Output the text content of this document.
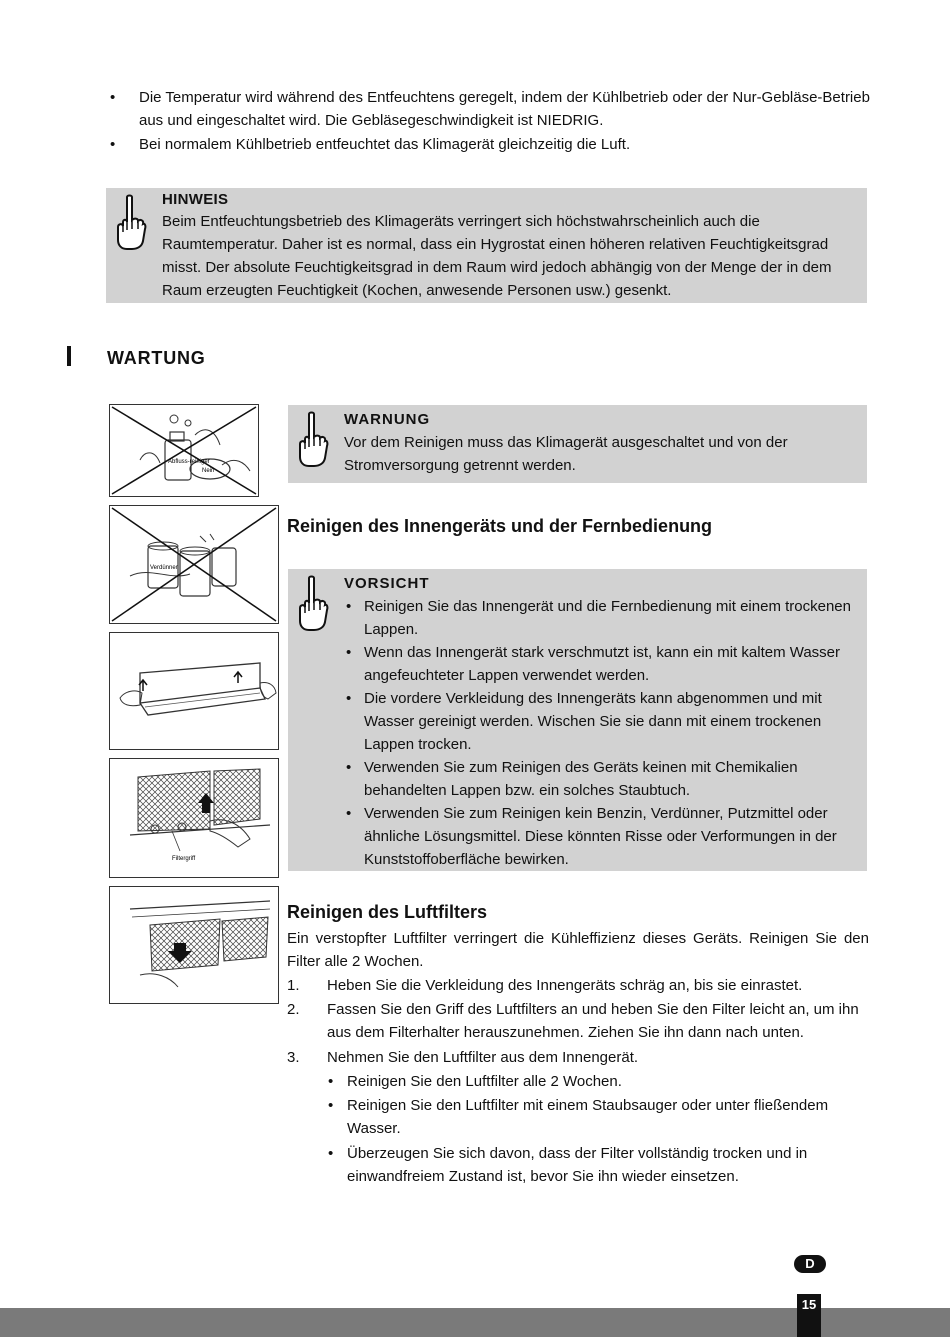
• Die Temperatur wird während des Entfeuchtens geregelt, indem der Kühlbetrieb oder der Nur-Gebläse-Betrieb aus und eingeschaltet wird. Die Gebläsegeschwindigkeit ist NIEDRIG.
• Bei normalem Kühlbetrieb entfeuchtet das Klimagerät gleichzeitig die Luft.
HINWEIS
Beim Entfeuchtungsbetrieb des Klimageräts verringert sich höchstwahrscheinlich auch die Raumtemperatur. Daher ist es normal, dass ein Hygrostat einen höheren relativen Feuchtigkeitsgrad misst. Der absolute Feuchtigkeitsgrad in dem Raum wird jedoch abhängig von der Menge der in dem Raum erzeugten Feuchtigkeit (Kochen, anwesende Personen usw.) gesenkt.
WARTUNG
Abfluss-reiniger
Nein
Verdünner
Filtergriff
WARNUNG
Vor dem Reinigen muss das Klimagerät ausgeschaltet und von der Stromversorgung getrennt werden.
Reinigen des Innengeräts und der Fernbedienung
VORSICHT
• Reinigen Sie das Innengerät und die Fernbedienung mit einem trockenen Lappen.
• Wenn das Innengerät stark verschmutzt ist, kann ein mit kaltem Wasser angefeuchteter Lappen verwendet werden.
• Die vordere Verkleidung des Innengeräts kann abgenommen und mit Wasser gereinigt werden. Wischen Sie sie dann mit einem trockenen Lappen trocken.
• Verwenden Sie zum Reinigen des Geräts keinen mit Chemikalien behandelten Lappen bzw. ein solches Staubtuch.
• Verwenden Sie zum Reinigen kein Benzin, Verdünner, Putzmittel oder ähnliche Lösungsmittel. Diese könnten Risse oder Verformungen in der Kunststoffoberfläche bewirken.
Reinigen des Luftfilters
Ein verstopfter Luftfilter verringert die Kühleffizienz dieses Geräts. Reinigen Sie den Filter alle 2 Wochen.
1. Heben Sie die Verkleidung des Innengeräts schräg an, bis sie einrastet.
2. Fassen Sie den Griff des Luftfilters an und heben Sie den Filter leicht an, um ihn aus dem Filterhalter herauszunehmen. Ziehen Sie ihn dann nach unten.
3. Nehmen Sie den Luftfilter aus dem Innengerät.
• Reinigen Sie den Luftfilter alle 2 Wochen.
• Reinigen Sie den Luftfilter mit einem Staubsauger oder unter fließendem Wasser.
• Überzeugen Sie sich davon, dass der Filter vollständig trocken und in einwandfreiem Zustand ist, bevor Sie ihn wieder einsetzen.
D
15
